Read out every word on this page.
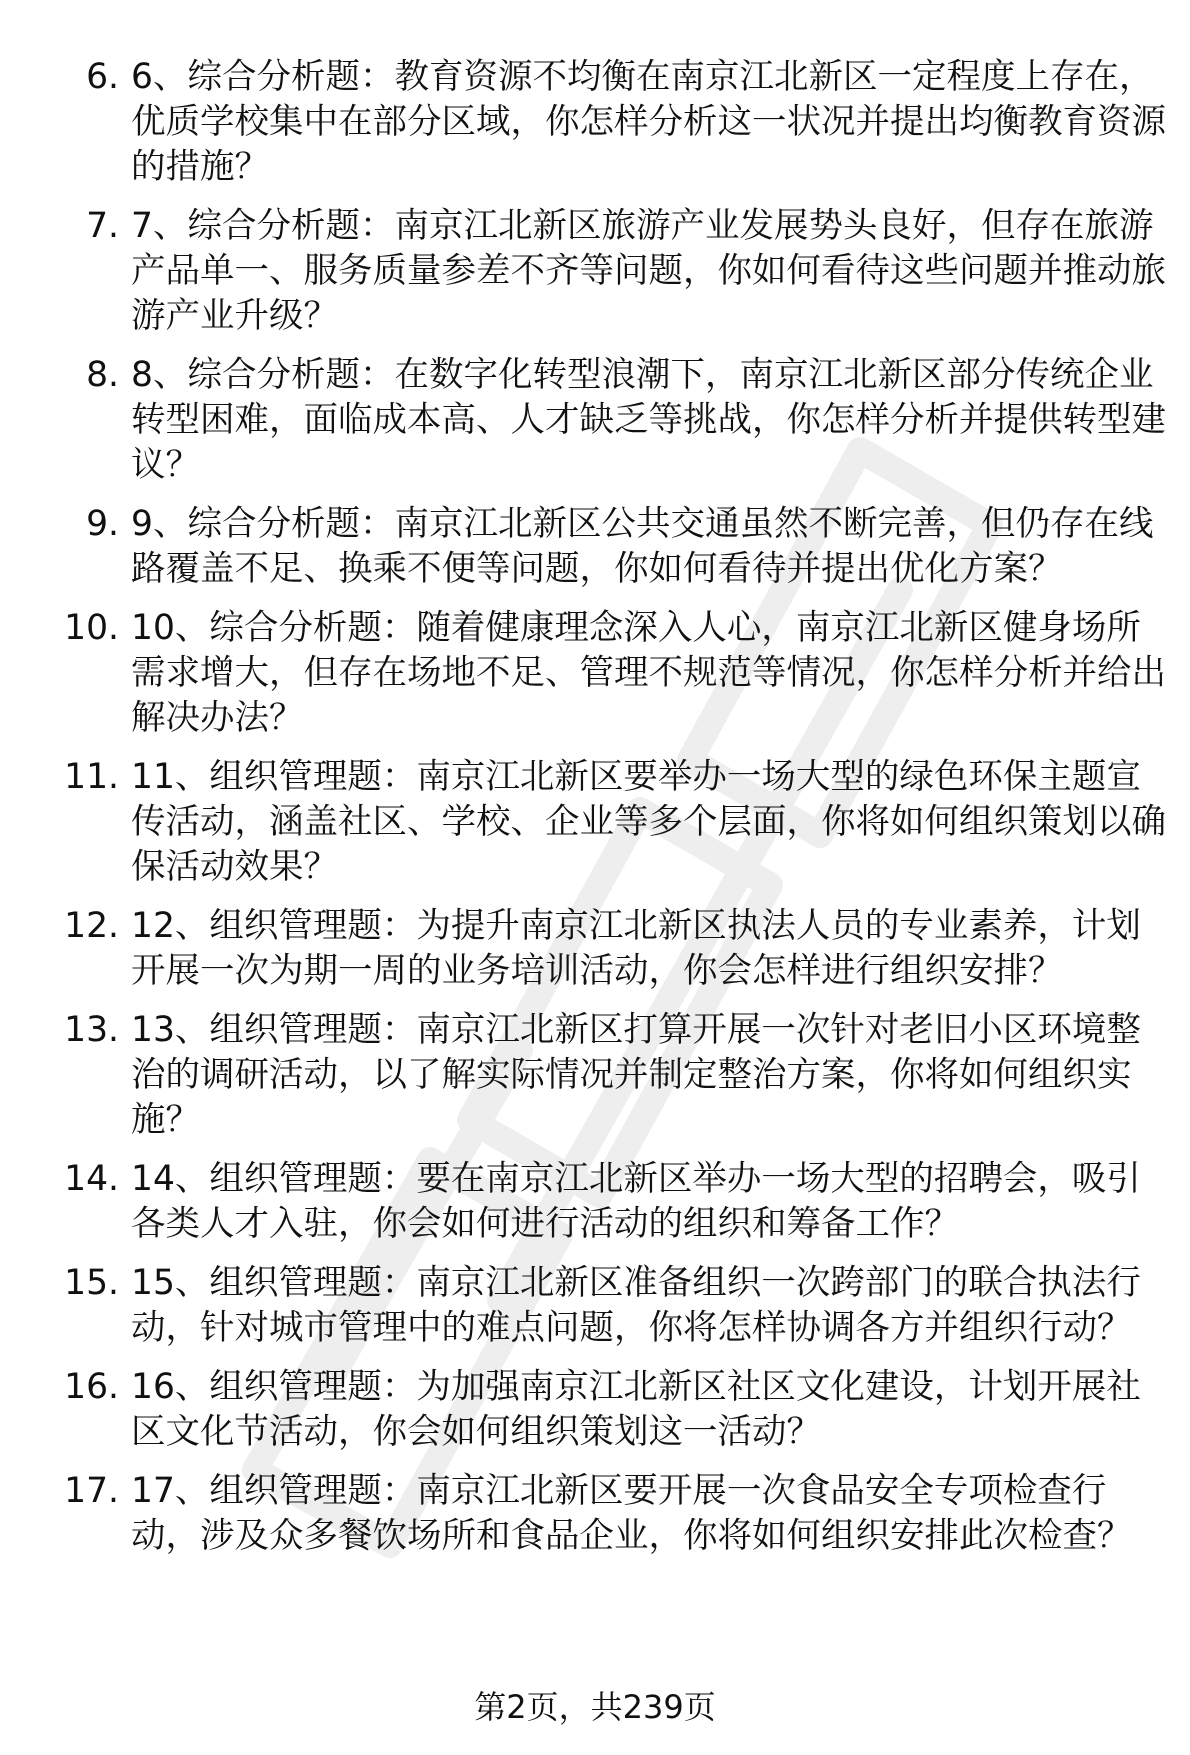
6. 6、综合分析题：教育资源不均衡在南京江北新区一定程度上存在，优质学校集中在部分区域，你怎样分析这一状况并提出均衡教育资源的措施？
7. 7、综合分析题：南京江北新区旅游产业发展势头良好，但存在旅游产品单一、服务质量参差不齐等问题，你如何看待这些问题并推动旅游产业升级？
8. 8、综合分析题：在数字化转型浪潮下，南京江北新区部分传统企业转型困难，面临成本高、人才缺乏等挑战，你怎样分析并提供转型建议？
9. 9、综合分析题：南京江北新区公共交通虽然不断完善，但仍存在线路覆盖不足、换乘不便等问题，你如何看待并提出优化方案？
10. 10、综合分析题：随着健康理念深入人心，南京江北新区健身场所需求增大，但存在场地不足、管理不规范等情况，你怎样分析并给出解决办法？
11. 11、组织管理题：南京江北新区要举办一场大型的绿色环保主题宣传活动，涵盖社区、学校、企业等多个层面，你将如何组织策划以确保活动效果？
12. 12、组织管理题：为提升南京江北新区执法人员的专业素养，计划开展一次为期一周的业务培训活动，你会怎样进行组织安排？
13. 13、组织管理题：南京江北新区打算开展一次针对老旧小区环境整治的调研活动，以了解实际情况并制定整治方案，你将如何组织实施？
14. 14、组织管理题：要在南京江北新区举办一场大型的招聘会，吸引各类人才入驻，你会如何进行活动的组织和筹备工作？
15. 15、组织管理题：南京江北新区准备组织一次跨部门的联合执法行动，针对城市管理中的难点问题，你将怎样协调各方并组织行动？
16. 16、组织管理题：为加强南京江北新区社区文化建设，计划开展社区文化节活动，你会如何组织策划这一活动？
17. 17、组织管理题：南京江北新区要开展一次食品安全专项检查行动，涉及众多餐饮场所和食品企业，你将如何组织安排此次检查？
第2页，共239页
